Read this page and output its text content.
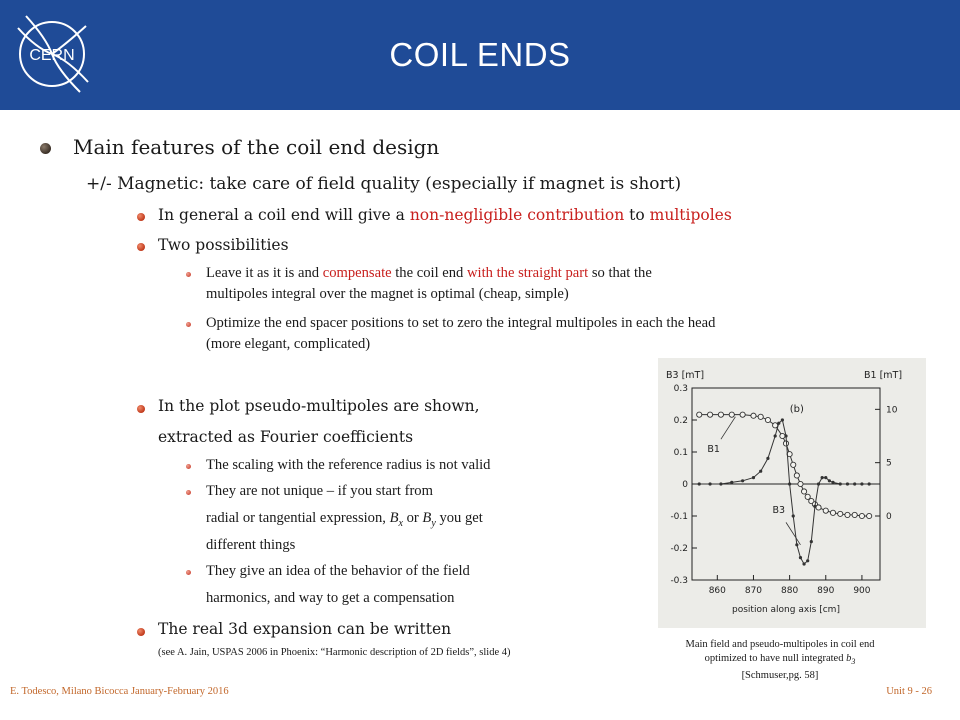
CERN	COIL ENDS
Main features of the coil end design
+/- Magnetic: take care of field quality (especially if magnet is short)
In general a coil end will give a non-negligible contribution to multipoles
Two possibilities
Leave it as it is and compensate the coil end with the straight part so that the
multipoles integral over the magnet is optimal (cheap, simple)
Optimize the end spacer positions to set to zero the integral multipoles in each the head
(more elegant, complicated)
In the plot pseudo-multipoles are shown,
extracted as Fourier coefficients
The scaling with the reference radius is not valid
They are not unique – if you start from
radial or tangential expression, $B_x$ or $B_y$ you get
different things
They give an idea of the behavior of the field
harmonics, and way to get a compensation
The real 3d expansion can be written
(see A. Jain, USPAS 2006 in Phoenix: “Harmonic description of 2D fields”, slide 4)
0.3
0.2
0.1
0
-0.1
-0.2
-0.3
10
5
0
860 870 880 890 900
B3 [mT]	B1 [mT]
(b)
position along axis [cm]
B1
B3
Main field and pseudo-multipoles in coil end
optimized to have null integrated $b_3$
[Schmuser,pg. 58]
E. Todesco, Milano Bicocca January-February 2016	Unit 9 - 26
